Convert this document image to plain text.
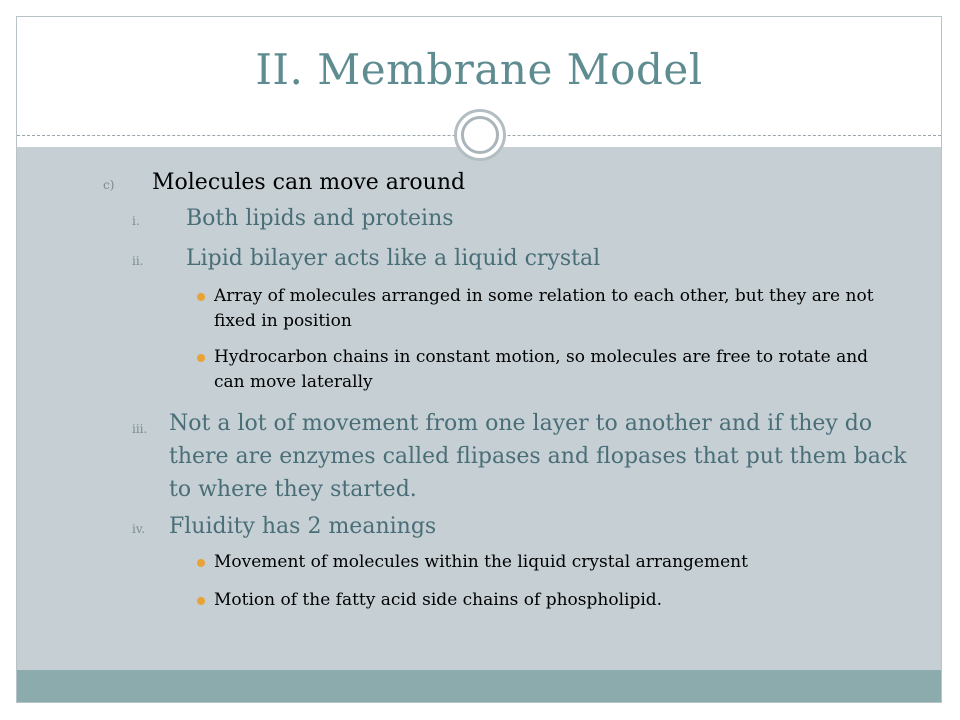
II. Membrane Model
c) Molecules can move around

i. Both lipids and proteins

ii. Lipid bilayer acts like a liquid crystal

Array of molecules arranged in some relation to each other, but they are not fixed in position

Hydrocarbon chains in constant motion, so molecules are free to rotate and can move laterally

iii. Not a lot of movement from one layer to another and if they do there are enzymes called flipases and flopases that put them back to where they started.

iv. Fluidity has 2 meanings

Movement of molecules within the liquid crystal arrangement

Motion of the fatty acid side chains of phospholipid.
